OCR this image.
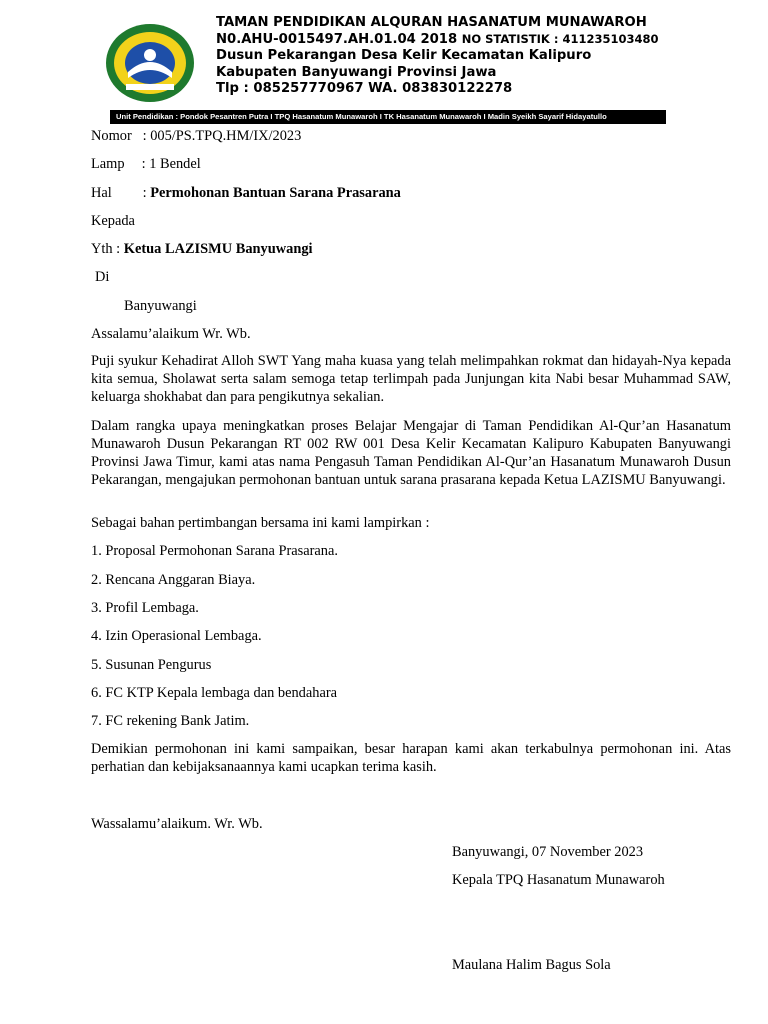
TAMAN PENDIDIKAN ALQURAN HASANATUM MUNAWAROH
N0.AHU-0015497.AH.01.04 2018 NO STATISTIK : 411235103480
Dusun Pekarangan Desa Kelir Kecamatan Kalipuro
Kabupaten Banyuwangi Provinsi Jawa
Tlp : 085257770967 WA. 083830122278
Unit Pendidikan : Pondok Pesantren Putra I TPQ Hasanatum Munawaroh I TK Hasanatum Munawaroh I Madin Syeikh Sayarif Hidayatullo
Nomor : 005/PS.TPQ.HM/IX/2023
Lamp : 1 Bendel
Hal : Permohonan Bantuan Sarana Prasarana
Kepada
Yth : Ketua LAZISMU Banyuwangi
Di
Banyuwangi
Assalamu’alaikum Wr. Wb.
Puji syukur Kehadirat Alloh SWT Yang maha kuasa yang telah melimpahkan rokmat dan hidayah-Nya kepada kita semua, Sholawat serta salam semoga tetap terlimpah pada Junjungan kita Nabi besar Muhammad SAW, keluarga shokhabat dan para pengikutnya sekalian.
Dalam rangka upaya meningkatkan proses Belajar Mengajar di Taman Pendidikan Al-Qur’an Hasanatum Munawaroh Dusun Pekarangan RT 002 RW 001 Desa Kelir Kecamatan Kalipuro Kabupaten Banyuwangi Provinsi Jawa Timur, kami atas nama Pengasuh Taman Pendidikan Al-Qur’an Hasanatum Munawaroh Dusun Pekarangan, mengajukan permohonan bantuan untuk sarana prasarana kepada Ketua LAZISMU Banyuwangi.
Sebagai bahan pertimbangan bersama ini kami lampirkan :
1. Proposal Permohonan Sarana Prasarana.
2. Rencana Anggaran Biaya.
3. Profil Lembaga.
4. Izin Operasional Lembaga.
5. Susunan Pengurus
6. FC KTP Kepala lembaga dan bendahara
7. FC rekening Bank Jatim.
Demikian permohonan ini kami sampaikan, besar harapan kami akan terkabulnya permohonan ini. Atas perhatian dan kebijaksanaannya kami ucapkan terima kasih.
Wassalamu’alaikum. Wr. Wb.
Banyuwangi, 07 November 2023
Kepala TPQ Hasanatum Munawaroh
Maulana Halim Bagus Sola
